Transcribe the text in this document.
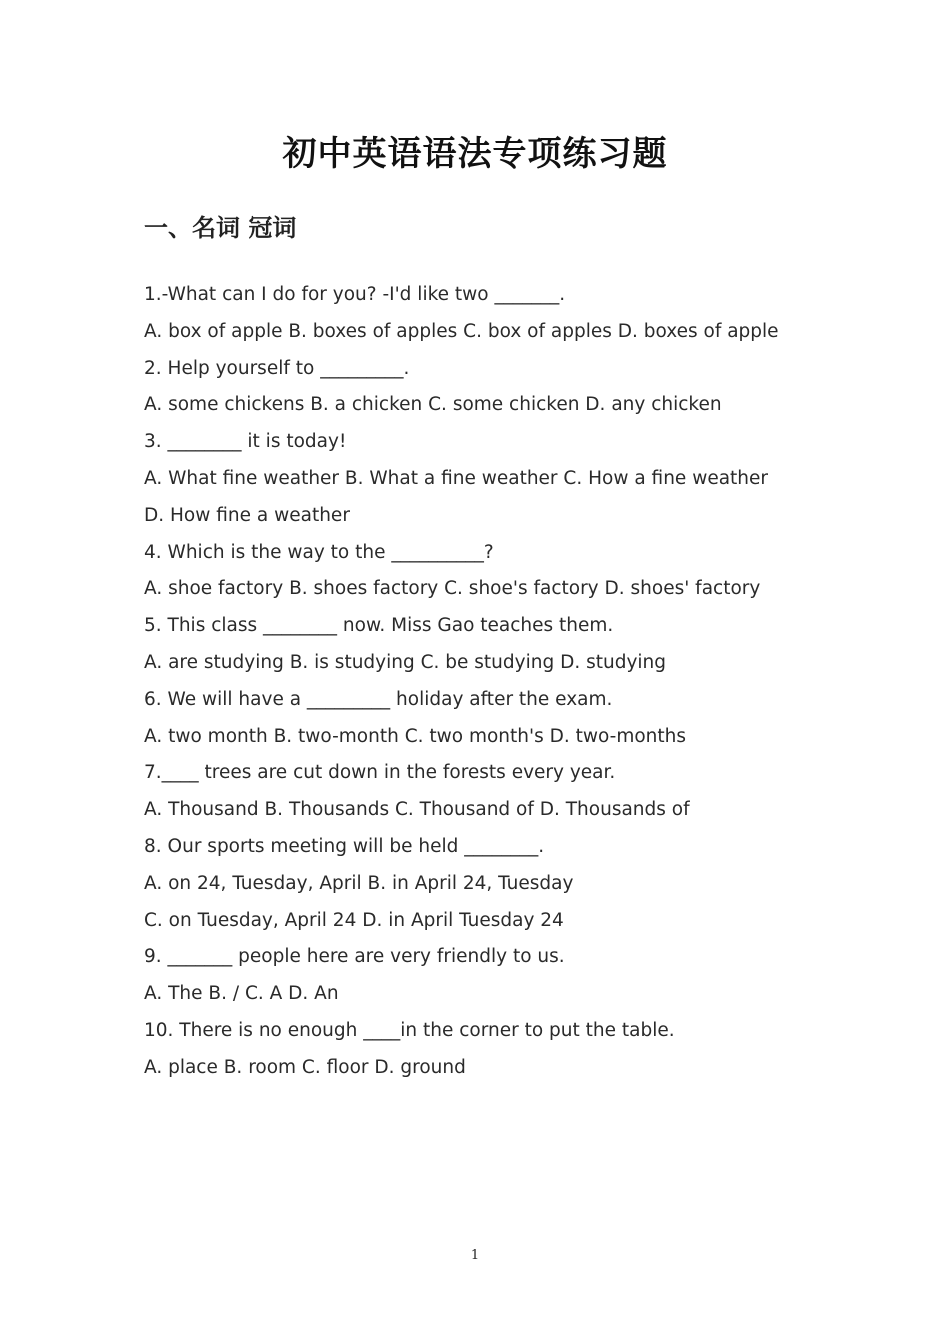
初中英语语法专项练习题
一、名词 冠词
1.-What can I do for you? -I'd like two _______.
A. box of apple B. boxes of apples C. box of apples D. boxes of apple
2. Help yourself to _________.
A. some chickens B. a chicken C. some chicken D. any chicken
3. ________ it is today!
A. What fine weather B. What a fine weather C. How a fine weather
D. How fine a weather
4. Which is the way to the __________?
A. shoe factory B. shoes factory C. shoe's factory D. shoes' factory
5. This class ________ now. Miss Gao teaches them.
A. are studying B. is studying C. be studying D. studying
6. We will have a _________ holiday after the exam.
A. two month B. two-month C. two month's D. two-months
7.____ trees are cut down in the forests every year.
A. Thousand B. Thousands C. Thousand of D. Thousands of
8. Our sports meeting will be held ________.
A. on 24, Tuesday, April B. in April 24, Tuesday
C. on Tuesday, April 24 D. in April Tuesday 24
9. _______ people here are very friendly to us.
A. The B. / C. A D. An
10. There is no enough ____in the corner to put the table.
A. place B. room C. floor D. ground
1
